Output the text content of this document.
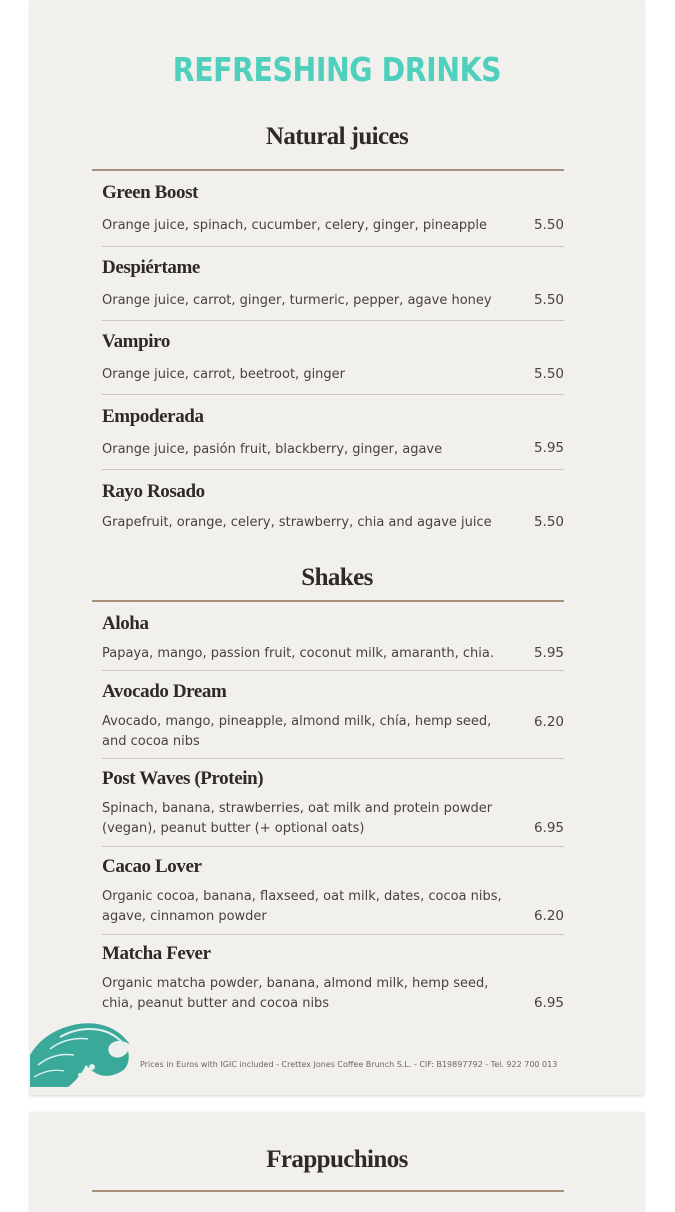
REFRESHING DRINKS
Natural juices
Green Boost
Orange juice, spinach, cucumber, celery, ginger, pineapple	5.50
Despiértame
Orange juice, carrot, ginger, turmeric, pepper, agave honey	5.50
Vampiro
Orange juice, carrot, beetroot, ginger	5.50
Empoderada
Orange juice, pasión fruit, blackberry, ginger, agave	5.95
Rayo Rosado
Grapefruit, orange, celery, strawberry, chia and agave juice	5.50
Shakes
Aloha
Papaya, mango, passion fruit, coconut milk, amaranth, chia.	5.95
Avocado Dream
Avocado, mango, pineapple, almond milk, chía, hemp seed, and cocoa nibs
6.20
Post Waves (Protein)
Spinach, banana, strawberries, oat milk and protein powder (vegan), peanut butter (+ optional oats)	6.95
Cacao Lover
Organic cocoa, banana, flaxseed, oat milk, dates, cocoa nibs, agave, cinnamon powder	6.20
Matcha Fever
Organic matcha powder, banana, almond milk, hemp seed, chia, peanut butter and cocoa nibs	6.95
Prices in Euros with IGIC included - Crettex Jones Coffee Brunch S.L. - CIF: B19897792 - Tel. 922 700 013
Frappuchinos
